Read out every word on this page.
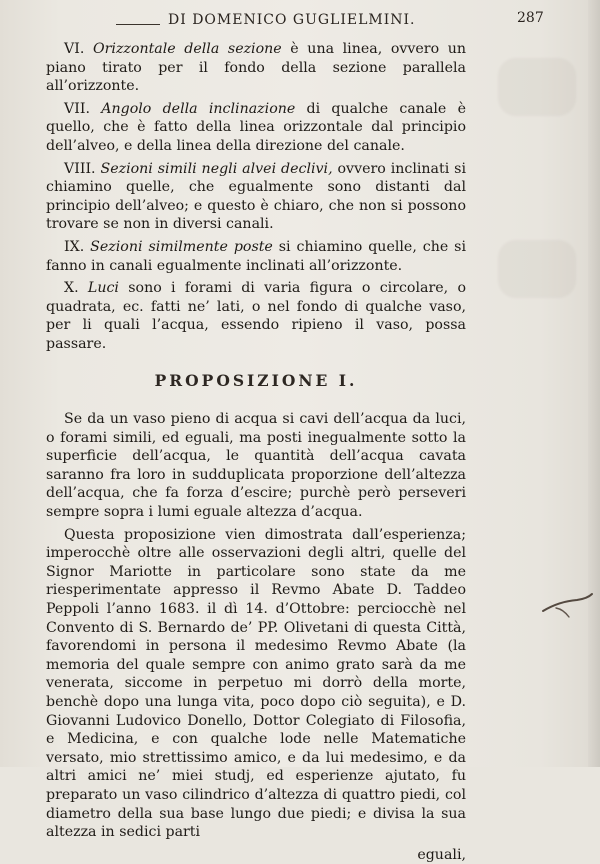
DI DOMENICO GUGLIELMINI.	287

VI. Orizzontale della sezione è una linea, ovvero un piano tirato per il fondo della sezione parallela all’orizzonte.

VII. Angolo della inclinazione di qualche canale è quello, che è fatto della linea orizzontale dal principio dell’alveo, e della linea della direzione del canale.

VIII. Sezioni simili negli alvei declivi, ovvero inclinati si chiamino quelle, che egualmente sono distanti dal principio dell’alveo; e questo è chiaro, che non si possono trovare se non in diversi canali.

IX. Sezioni similmente poste si chiamino quelle, che si fanno in canali egualmente inclinati all’orizzonte.

X. Luci sono i forami di varia figura o circolare, o quadrata, ec. fatti ne’ lati, o nel fondo di qualche vaso, per li quali l’acqua, essendo ripieno il vaso, possa passare.

PROPOSIZIONE I.

Se da un vaso pieno di acqua si cavi dell’acqua da luci, o forami simili, ed eguali, ma posti inegualmente sotto la superficie dell’acqua, le quantità dell’acqua cavata saranno fra loro in sudduplicata proporzione dell’altezza dell’acqua, che fa forza d’escire; purchè però perseveri sempre sopra i lumi eguale altezza d’acqua.

Questa proposizione vien dimostrata dall’esperienza; imperocchè oltre alle osservazioni degli altri, quelle del Signor Mariotte in particolare sono state da me riesperimentate appresso il Revmo Abate D. Taddeo Peppoli l’anno 1683. il dì 14. d’Ottobre: perciocchè nel Convento di S. Bernardo de’ PP. Olivetani di questa Città, favorendomi in persona il medesimo Revmo Abate (la memoria del quale sempre con animo grato sarà da me venerata, siccome in perpetuo mi dorrò della morte, benchè dopo una lunga vita, poco dopo ciò seguita), e D. Giovanni Ludovico Donello, Dottor Colegiato di Filosofia, e Medicina, e con qualche lode nelle Matematiche versato, mio strettissimo amico, e da lui medesimo, e da altri amici ne’ miei studj, ed esperienze ajutato, fu preparato un vaso cilindrico d’altezza di quattro piedi, col diametro della sua base lungo due piedi; e divisa la sua altezza in sedici parti

eguali,
